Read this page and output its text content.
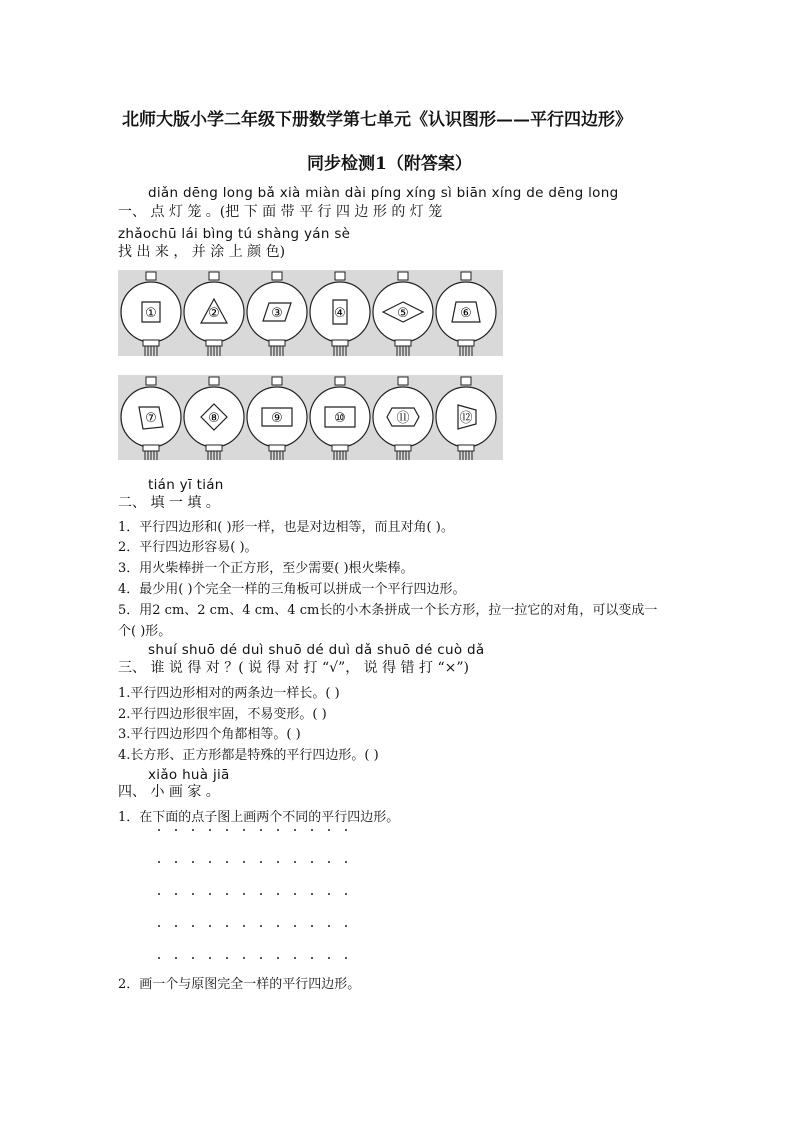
北师大版小学二年级下册数学第七单元《认识图形——平行四边形》
同步检测1（附答案）
diǎn dēng long bǎ xià miàn dài píng xíng sì biān xíng de dēng long
一、 点 灯 笼 。(把 下 面 带 平 行 四 边 形 的 灯 笼
zhǎochū lái bìng tú shàng yán sè
找 出 来 ， 并 涂 上 颜 色)
①	②	③	④	⑤	⑥
⑦	⑧	⑨	⑩	⑪	⑫
tián yī tián
二、 填 一 填 。
1．平行四边形和( )形一样，也是对边相等，而且对角( )。
2．平行四边形容易( )。
3．用火柴棒拼一个正方形，至少需要( )根火柴棒。
4．最少用( )个完全一样的三角板可以拼成一个平行四边形。
5．用2 cm、2 cm、4 cm、4 cm长的小木条拼成一个长方形，拉一拉它的对角，可以变成一
个( )形。
shuí shuō dé duì shuō dé duì dǎ shuō dé cuò dǎ
三、 谁 说 得 对 ？( 说 得 对 打 “√”， 说 得 错 打 “×”)
1.平行四边形相对的两条边一样长。( )
2.平行四边形很牢固，不易变形。( )
3.平行四边形四个角都相等。( )
4.长方形、正方形都是特殊的平行四边形。( )
xiǎo huà jiā
四、 小 画 家 。
1．在下面的点子图上画两个不同的平行四边形。
2．画一个与原图完全一样的平行四边形。
